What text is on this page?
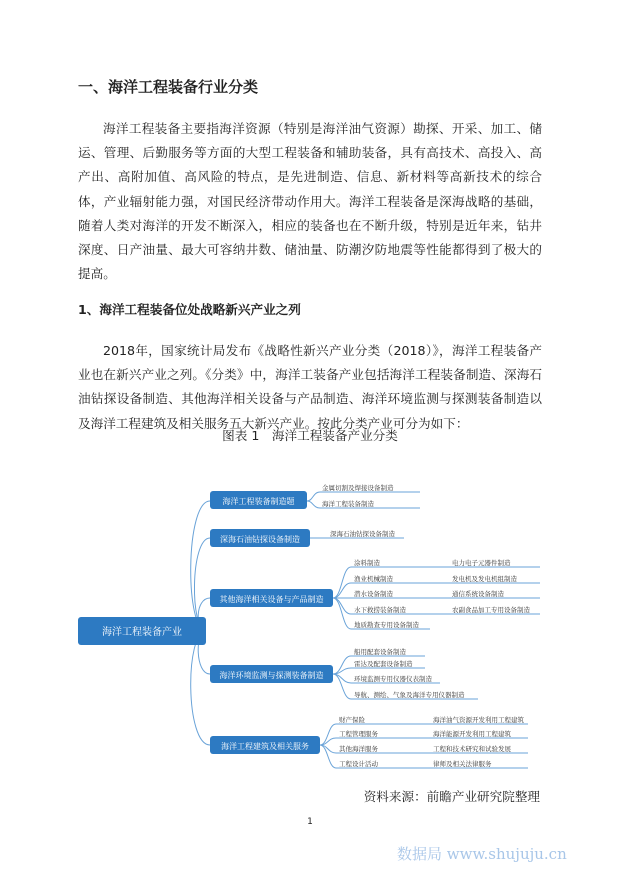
一、海洋工程装备行业分类
海洋工程装备主要指海洋资源（特别是海洋油气资源）勘探、开采、加工、储运、管理、后勤服务等方面的大型工程装备和辅助装备，具有高技术、高投入、高产出、高附加值、高风险的特点，是先进制造、信息、新材料等高新技术的综合体，产业辐射能力强，对国民经济带动作用大。海洋工程装备是深海战略的基础，随着人类对海洋的开发不断深入，相应的装备也在不断升级，特别是近年来，钻井深度、日产油量、最大可容纳井数、储油量、防潮汐防地震等性能都得到了极大的提高。
1、海洋工程装备位处战略新兴产业之列
2018年，国家统计局发布《战略性新兴产业分类（2018）》，海洋工程装备产业也在新兴产业之列。《分类》中，海洋工装备产业包括海洋工程装备制造、深海石油钻探设备制造、其他海洋相关设备与产品制造、海洋环境监测与探测装备制造以及海洋工程建筑及相关服务五大新兴产业。按此分类产业可分为如下：
图表 1　海洋工程装备产业分类
海洋工程装备产业
海洋工程装备制造题
深海石油钻探设备制造
其他海洋相关设备与产品制造
海洋环境监测与探测装备制造
海洋工程建筑及相关服务
金属切割及焊接设备制造
海洋工程装备制造
深海石油钻探设备制造
涂料制造
渔业机械制造
潜水设备制造
水下救捞装备制造
地质勘查专用设备制造
电力电子元器件制造
发电机及发电机组制造
通信系统设备制造
农副食品加工专用设备制造
船用配套设备制造
雷达及配套设备制造
环境监测专用仪器仪表制造
导航、测绘、气象及海洋专用仪器制造
财产保险
工程管理服务
其他海洋服务
工程设计活动
海洋油气资源开发利用工程建筑
海洋能源开发利用工程建筑
工程和技术研究和试验发展
律师及相关法律服务
资料来源：前瞻产业研究院整理
1
数据局 www.shujuju.cn
